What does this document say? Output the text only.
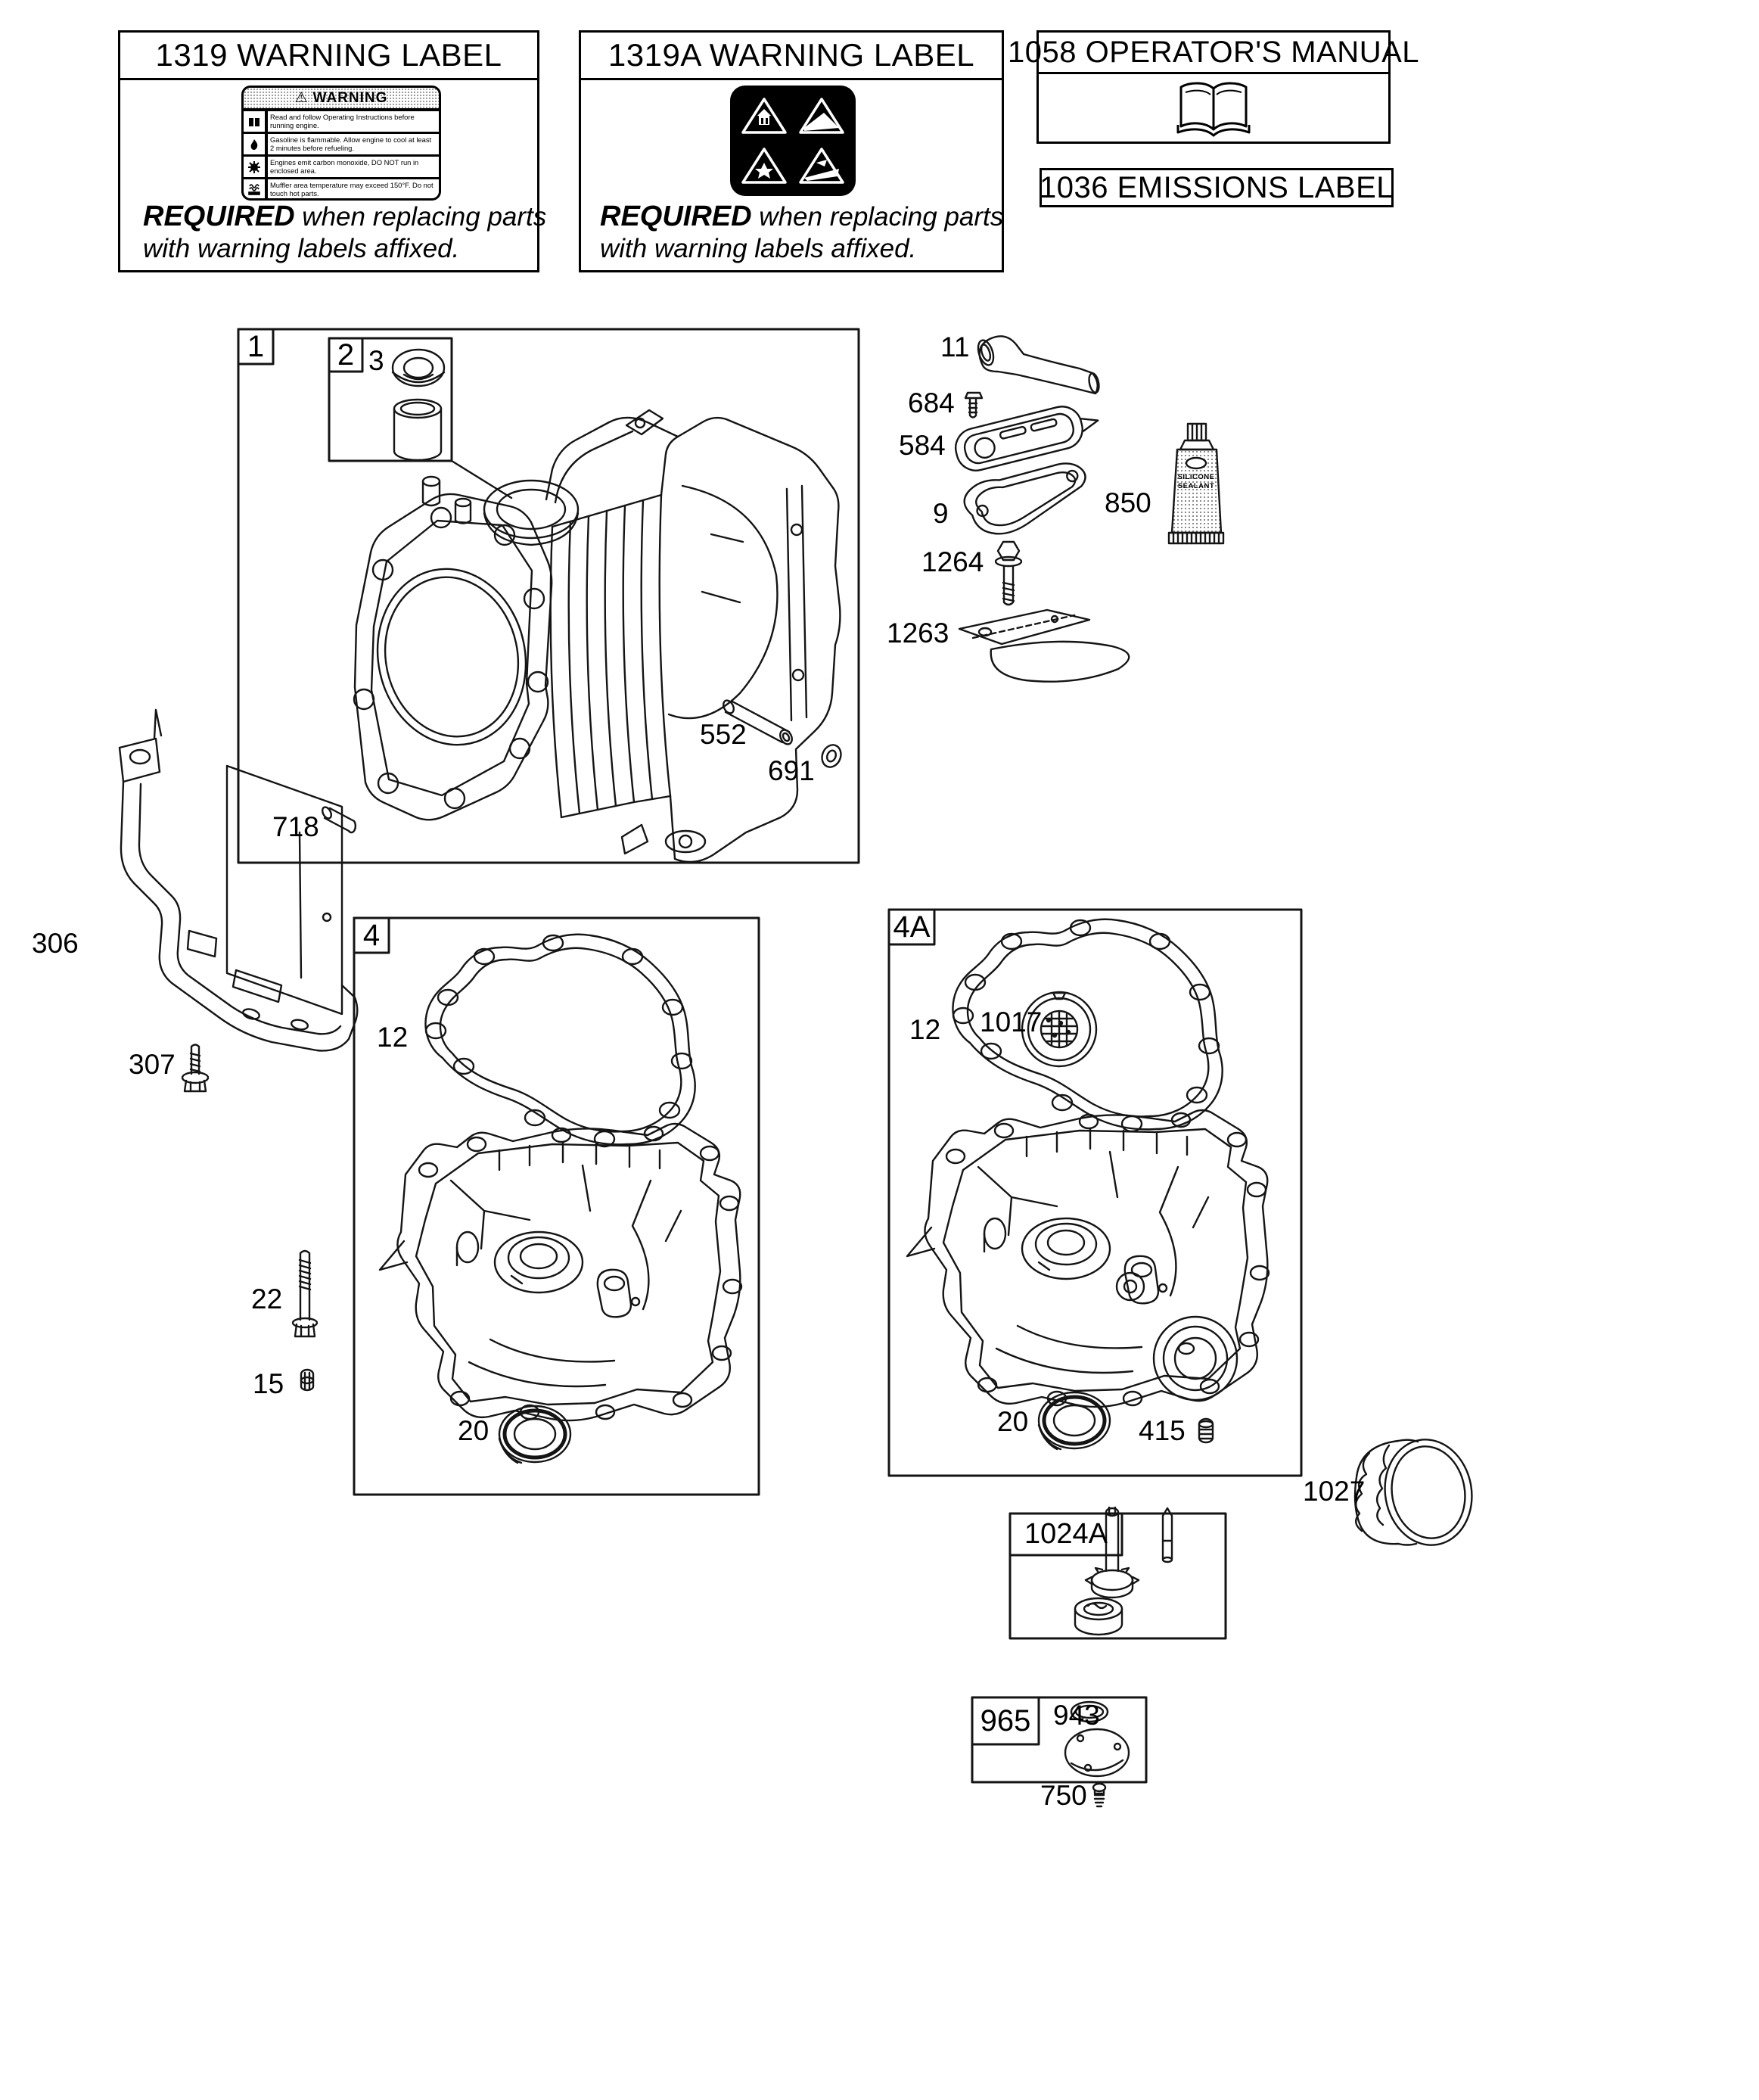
1319 WARNING LABEL
⚠ WARNING
Read and follow Operating Instructions before running engine.
Gasoline is flammable. Allow engine to cool at least 2 minutes before refueling.
Engines emit carbon monoxide, DO NOT run in enclosed area.
Muffler area temperature may exceed 150°F. Do not touch hot parts.
REQUIRED when replacing parts
with warning labels affixed.
1319A WARNING LABEL
REQUIRED when replacing parts
with warning labels affixed.
1058 OPERATOR'S MANUAL
1036 EMISSIONS LABEL
SILICONE
SEALANT
1 2
4	4A
1024A
965
3	11
684
584
9	850
1264
1263
552
691
718
306
307
12
22
15
20
12 1017
20	415
1027
943
750
